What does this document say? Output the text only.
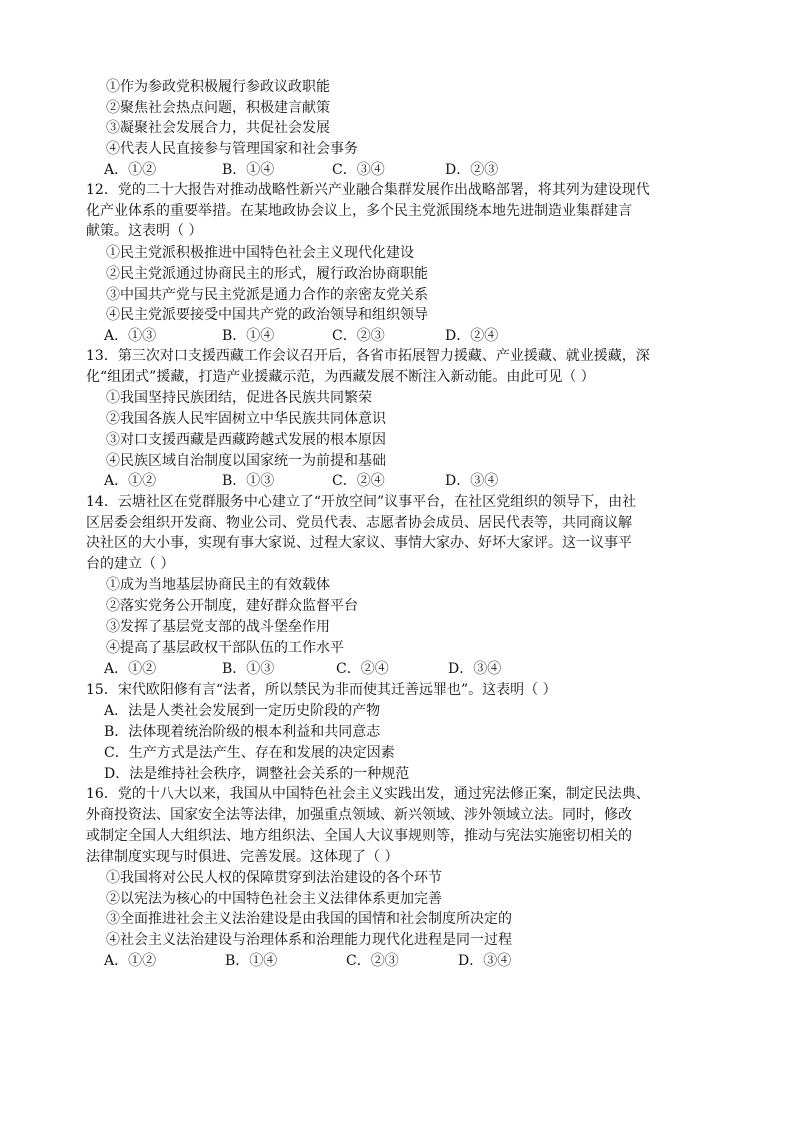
①作为参政党积极履行参政议政职能
②聚焦社会热点问题，积极建言献策
③凝聚社会发展合力，共促社会发展
④代表人民直接参与管理国家和社会事务
A．①②	B．①④	C．③④	D．②③
12．党的二十大报告对推动战略性新兴产业融合集群发展作出战略部署，将其列为建设现代
化产业体系的重要举措。在某地政协会议上，多个民主党派围绕本地先进制造业集群建言
献策。这表明（ ）
①民主党派积极推进中国特色社会主义现代化建设
②民主党派通过协商民主的形式，履行政治协商职能
③中国共产党与民主党派是通力合作的亲密友党关系
④民主党派要接受中国共产党的政治领导和组织领导
A．①③	B．①④	C．②③	D．②④
13．第三次对口支援西藏工作会议召开后，各省市拓展智力援藏、产业援藏、就业援藏，深
化“组团式”援藏，打造产业援藏示范，为西藏发展不断注入新动能。由此可见（ ）
①我国坚持民族团结，促进各民族共同繁荣
②我国各族人民牢固树立中华民族共同体意识
③对口支援西藏是西藏跨越式发展的根本原因
④民族区域自治制度以国家统一为前提和基础
A．①②	B．①③	C．②④	D．③④
14．云塘社区在党群服务中心建立了“开放空间”议事平台，在社区党组织的领导下，由社
区居委会组织开发商、物业公司、党员代表、志愿者协会成员、居民代表等，共同商议解
决社区的大小事，实现有事大家说、过程大家议、事情大家办、好坏大家评。这一议事平
台的建立（ ）
①成为当地基层协商民主的有效载体
②落实党务公开制度，建好群众监督平台
③发挥了基层党支部的战斗堡垒作用
④提高了基层政权干部队伍的工作水平
A．①②	B．①③	C．②④	D．③④
15．宋代欧阳修有言“法者，所以禁民为非而使其迁善远罪也”。这表明（ ）
A．法是人类社会发展到一定历史阶段的产物
B．法体现着统治阶级的根本利益和共同意志
C．生产方式是法产生、存在和发展的决定因素
D．法是维持社会秩序，调整社会关系的一种规范
16．党的十八大以来，我国从中国特色社会主义实践出发，通过宪法修正案，制定民法典、
外商投资法、国家安全法等法律，加强重点领域、新兴领域、涉外领域立法。同时，修改
或制定全国人大组织法、地方组织法、全国人大议事规则等，推动与宪法实施密切相关的
法律制度实现与时俱进、完善发展。这体现了（ ）
①我国将对公民人权的保障贯穿到法治建设的各个环节
②以宪法为核心的中国特色社会主义法律体系更加完善
③全面推进社会主义法治建设是由我国的国情和社会制度所决定的
④社会主义法治建设与治理体系和治理能力现代化进程是同一过程
A．①②	B．①④	C．②③	D．③④
